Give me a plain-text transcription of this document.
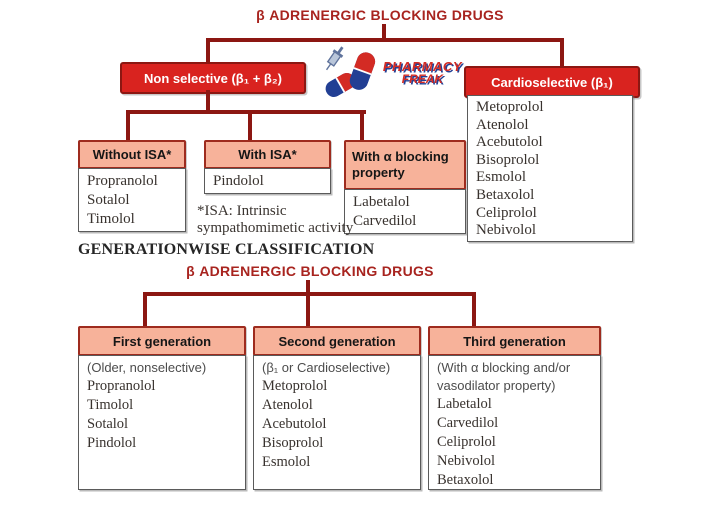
β ADRENERGIC BLOCKING DRUGS
Non selective (β₁ + β₂)
PHARMACY
FREAK	Cardioselective (β₁)
Metoprolol
Atenolol
Acebutolol
Bisoprolol
Esmolol
Betaxolol
Celiprolol
Nebivolol
Without ISA*
Propranolol
Sotalol
Timolol
With ISA*
Pindolol
With α blocking property
Labetalol
Carvedilol
*ISA: Intrinsic
sympathomimetic activity
GENERATIONWISE CLASSIFICATION
β ADRENERGIC BLOCKING DRUGS
First generation
(Older, nonselective)
Propranolol
Timolol
Sotalol
Pindolol
Second generation
(β₁ or Cardioselective)
Metoprolol
Atenolol
Acebutolol
Bisoprolol
Esmolol
Third generation
(With α blocking and/or vasodilator property)
Labetalol
Carvedilol
Celiprolol
Nebivolol
Betaxolol
